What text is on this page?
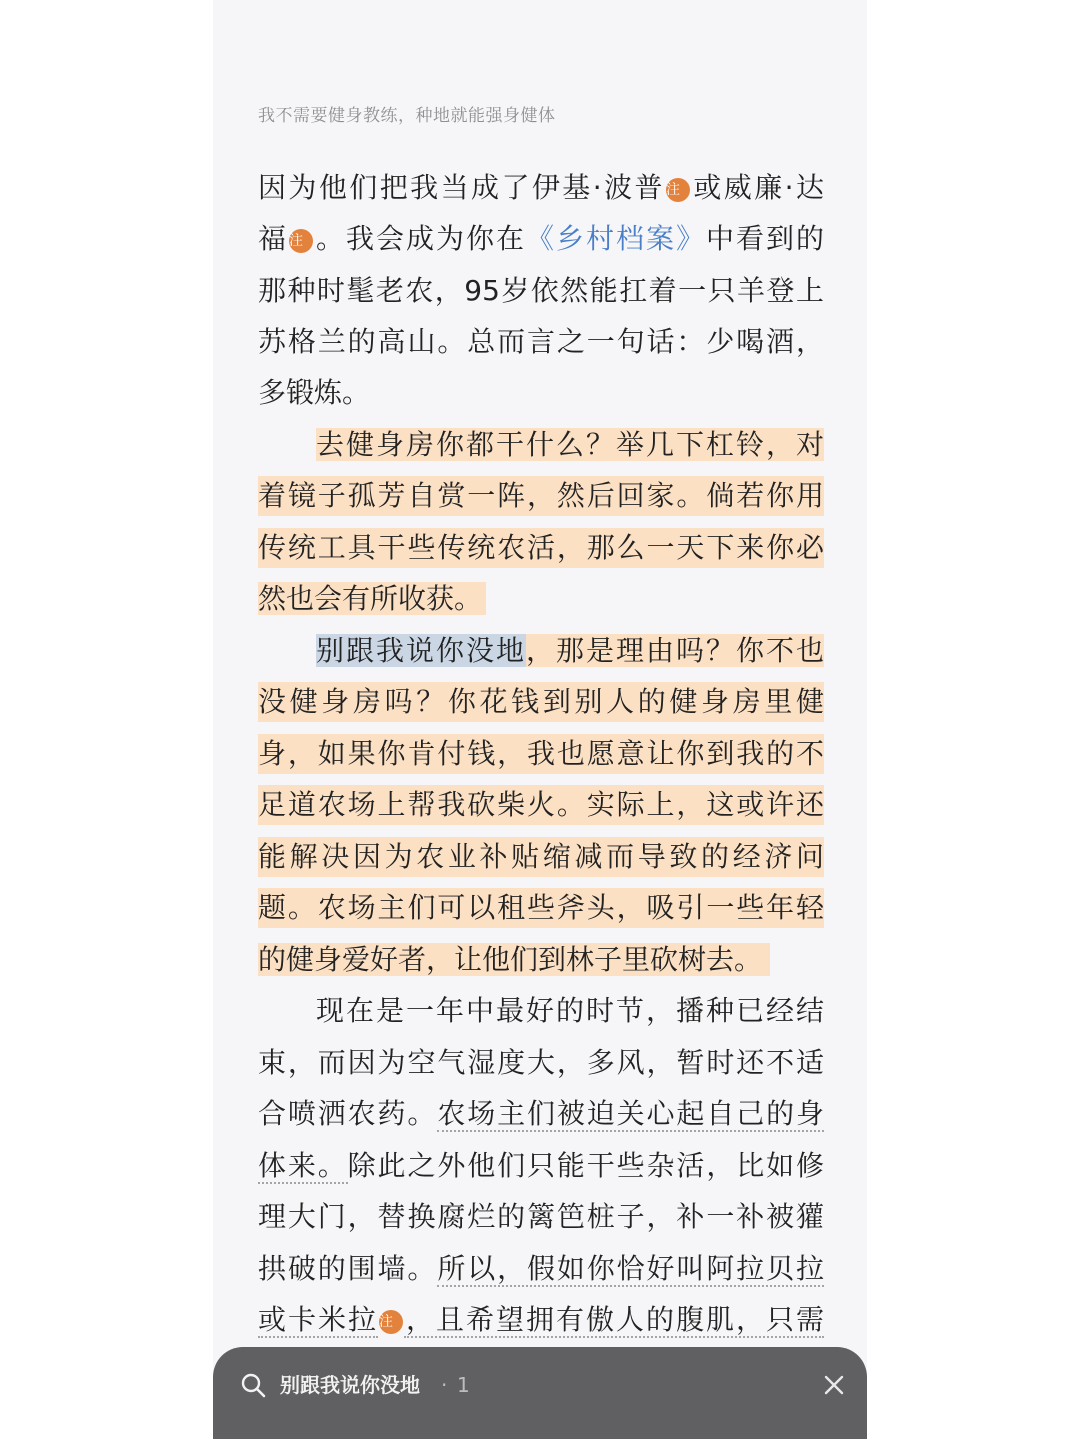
我不需要健身教练，种地就能强身健体
因为他们把我当成了伊基·波普注 或威廉·达
福注 。我会成为你在《乡村档案》中看到的
那种时髦老农，95岁依然能扛着一只羊登上
苏格兰的高山。总而言之一句话：少喝酒，
多锻炼。
去健身房你都干什么？举几下杠铃，对
着镜子孤芳自赏一阵，然后回家。倘若你用
传统工具干些传统农活，那么一天下来你必
然也会有所收获。
别跟我说你没地，那是理由吗？你不也
没健身房吗？你花钱到别人的健身房里健
身，如果你肯付钱，我也愿意让你到我的不
足道农场上帮我砍柴火。实际上，这或许还
能解决因为农业补贴缩减而导致的经济问
题。农场主们可以租些斧头，吸引一些年轻
的健身爱好者，让他们到林子里砍树去。
现在是一年中最好的时节，播种已经结
束，而因为空气湿度大，多风，暂时还不适
合喷洒农药。农场主们被迫关心起自己的身
体来。除此之外他们只能干些杂活，比如修
理大门，替换腐烂的篱笆桩子，补一补被獾
拱破的围墙。所以，假如你恰好叫阿拉贝拉
或卡米拉注 ，且希望拥有傲人的腹肌，只需
别跟我说你没地 · 1
